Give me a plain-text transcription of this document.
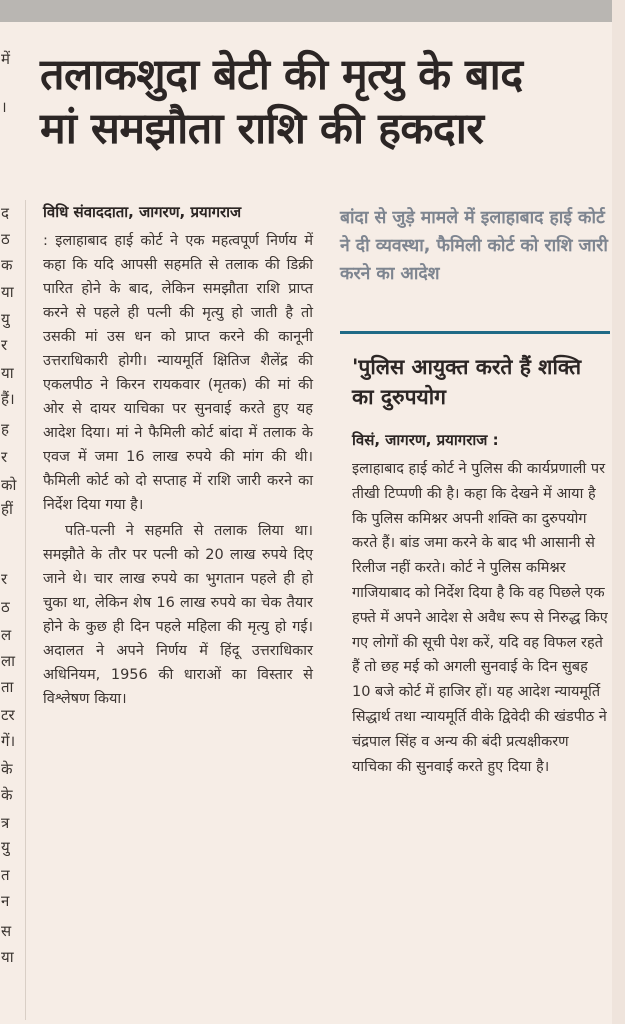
में
।
द
ठ
क
या
यु
र
या
हैं।
ह
र
को
हीं
र
ठ
ल
ला
ता
टर
गें।
के
के
त्र
यु
त
न
स
या
तलाकशुदा बेटी की मृत्यु के बाद
मां समझौता राशि की हकदार
विधि संवाददाता, जागरण, प्रयागराज

: इलाहाबाद हाई कोर्ट ने एक महत्वपूर्ण निर्णय में कहा कि यदि आपसी सहमति से तलाक की डिक्री पारित होने के बाद, लेकिन समझौता राशि प्राप्त करने से पहले ही पत्नी की मृत्यु हो जाती है तो उसकी मां उस धन को प्राप्त करने की कानूनी उत्तराधिकारी होगी। न्यायमूर्ति क्षितिज शैलेंद्र की एकलपीठ ने किरन रायकवार (मृतक) की मां की ओर से दायर याचिका पर सुनवाई करते हुए यह आदेश दिया। मां ने फैमिली कोर्ट बांदा में तलाक के एवज में जमा 16 लाख रुपये की मांग की थी। फैमिली कोर्ट को दो सप्ताह में राशि जारी करने का निर्देश दिया गया है।

पति-पत्नी ने सहमति से तलाक लिया था। समझौते के तौर पर पत्नी को 20 लाख रुपये दिए जाने थे। चार लाख रुपये का भुगतान पहले ही हो चुका था, लेकिन शेष 16 लाख रुपये का चेक तैयार होने के कुछ ही दिन पहले महिला की मृत्यु हो गई। अदालत ने अपने निर्णय में हिंदू उत्तराधिकार अधिनियम, 1956 की धाराओं का विस्तार से विश्लेषण किया।

बांदा से जुड़े मामले में इलाहाबाद हाई कोर्ट ने दी व्यवस्था, फैमिली कोर्ट को राशि जारी करने का आदेश

'पुलिस आयुक्त करते हैं शक्ति का दुरुपयोग
विसं, जागरण, प्रयागराज :

इलाहाबाद हाई कोर्ट ने पुलिस की कार्यप्रणाली पर तीखी टिप्पणी की है। कहा कि देखने में आया है कि पुलिस कमिश्नर अपनी शक्ति का दुरुपयोग करते हैं। बांड जमा करने के बाद भी आसानी से रिलीज नहीं करते। कोर्ट ने पुलिस कमिश्नर गाजियाबाद को निर्देश दिया है कि वह पिछले एक हफ्ते में अपने आदेश से अवैध रूप से निरुद्ध किए गए लोगों की सूची पेश करें, यदि वह विफल रहते हैं तो छह मई को अगली सुनवाई के दिन सुबह 10 बजे कोर्ट में हाजिर हों। यह आदेश न्यायमूर्ति सिद्धार्थ तथा न्यायमूर्ति वीके द्विवेदी की खंडपीठ ने चंद्रपाल सिंह व अन्य की बंदी प्रत्यक्षीकरण याचिका की सुनवाई करते हुए दिया है।
